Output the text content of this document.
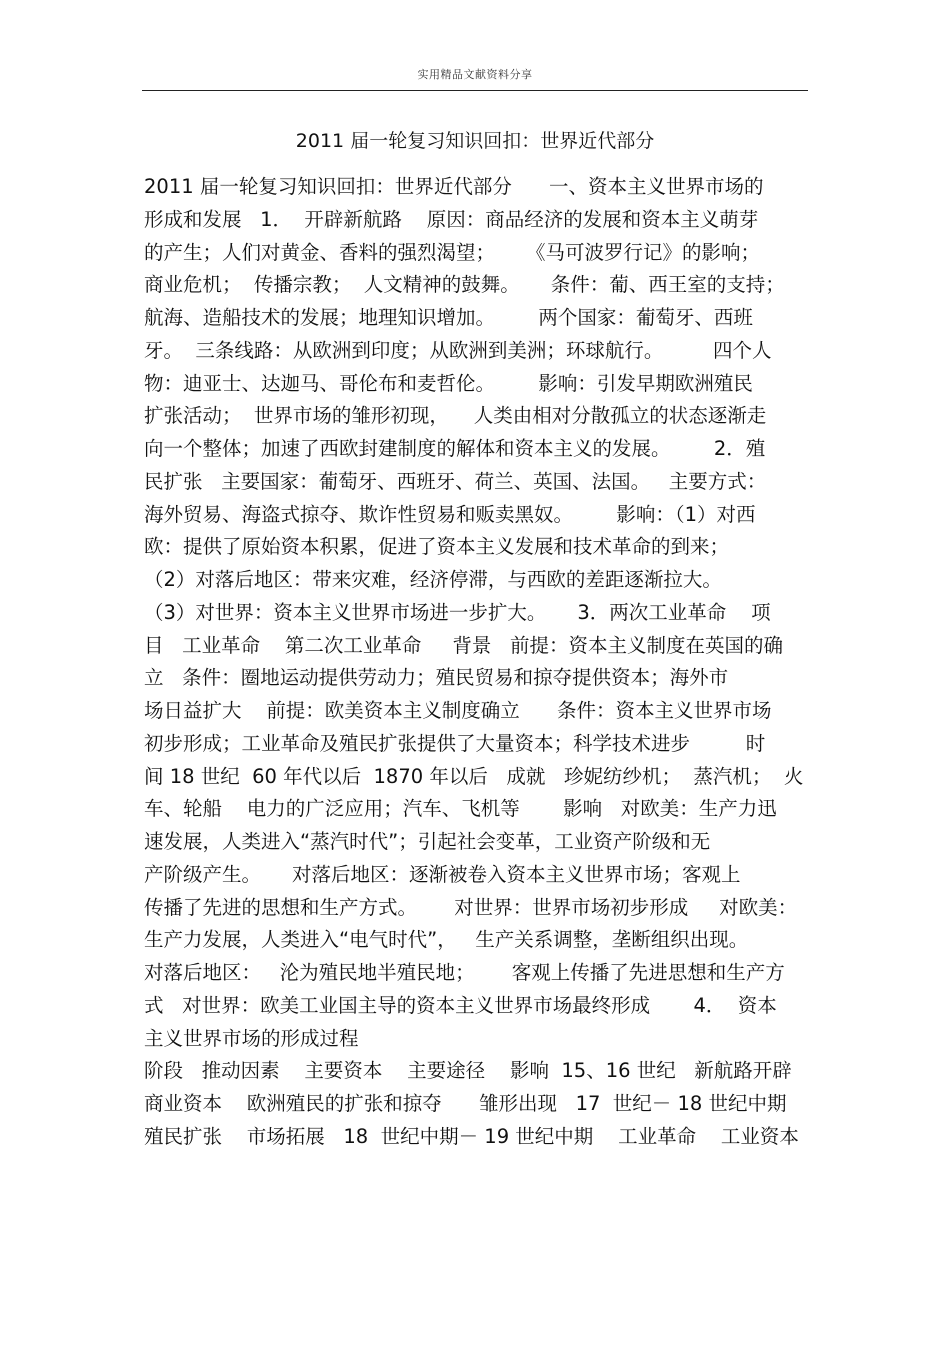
实用精品文献资料分享
2011 届一轮复习知识回扣：世界近代部分
2011 届一轮复习知识回扣：世界近代部分      一、资本主义世界市场的
形成和发展   1．  开辟新航路    原因：商品经济的发展和资本主义萌芽
的产生；人们对黄金、香料的强烈渴望；     《马可波罗行记》的影响；
商业危机；  传播宗教；  人文精神的鼓舞。     条件：葡、西王室的支持；
航海、造船技术的发展；地理知识增加。       两个国家：葡萄牙、西班
牙。  三条线路：从欧洲到印度；从欧洲到美洲；环球航行。        四个人
物：迪亚士、达迦马、哥伦布和麦哲伦。       影响：引发早期欧洲殖民
扩张活动；  世界市场的雏形初现，    人类由相对分散孤立的状态逐渐走
向一个整体；加速了西欧封建制度的解体和资本主义的发展。       2．殖
民扩张   主要国家：葡萄牙、西班牙、荷兰、英国、法国。   主要方式：
海外贸易、海盗式掠夺、欺诈性贸易和贩卖黑奴。       影响：（1）对西
欧：提供了原始资本积累，促进了资本主义发展和技术革命的到来；
（2）对落后地区：带来灾难，经济停滞，与西欧的差距逐渐拉大。
（3）对世界：资本主义世界市场进一步扩大。     3．两次工业革命    项
目   工业革命    第二次工业革命     背景   前提：资本主义制度在英国的确
立   条件：圈地运动提供劳动力；殖民贸易和掠夺提供资本；海外市
场日益扩大    前提：欧美资本主义制度确立      条件：资本主义世界市场
初步形成；工业革命及殖民扩张提供了大量资本；科学技术进步         时
间 18 世纪  60 年代以后  1870 年以后   成就   珍妮纺纱机；  蒸汽机；  火
车、轮船    电力的广泛应用；汽车、飞机等       影响   对欧美：生产力迅
速发展，人类进入“蒸汽时代”；引起社会变革，工业资产阶级和无
产阶级产生。     对落后地区：逐渐被卷入资本主义世界市场；客观上
传播了先进的思想和生产方式。      对世界：世界市场初步形成     对欧美：
生产力发展，人类进入“电气时代”，   生产关系调整，垄断组织出现。
对落后地区：   沦为殖民地半殖民地；      客观上传播了先进思想和生产方
式   对世界：欧美工业国主导的资本主义世界市场最终形成       4．  资本
主义世界市场的形成过程
阶段   推动因素    主要资本    主要途径    影响  15、16 世纪   新航路开辟
商业资本    欧洲殖民的扩张和掠夺      雏形出现   17  世纪－ 18 世纪中期
殖民扩张    市场拓展   18  世纪中期－ 19 世纪中期    工业革命    工业资本
